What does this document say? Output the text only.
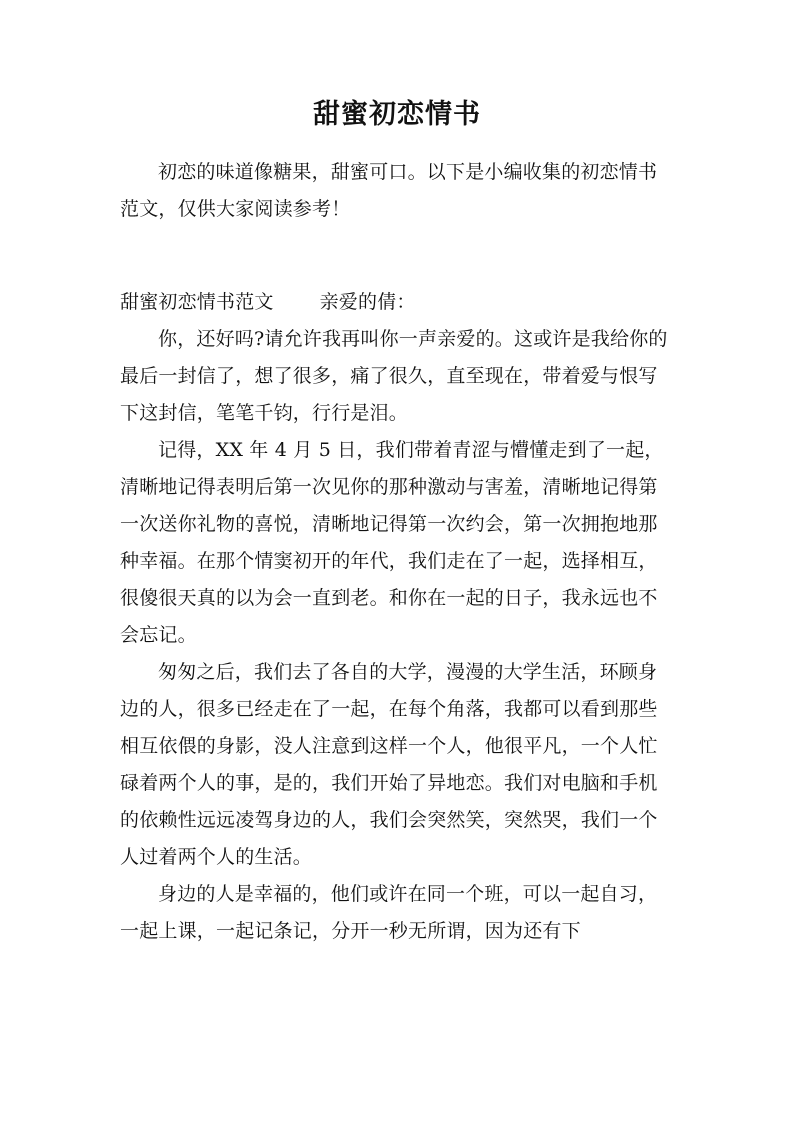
甜蜜初恋情书

初恋的味道像糖果，甜蜜可口。以下是小编收集的初恋情书范文，仅供大家阅读参考！

甜蜜初恋情书范文 亲爱的倩：

你，还好吗?请允许我再叫你一声亲爱的。这或许是我给你的最后一封信了，想了很多，痛了很久，直至现在，带着爱与恨写下这封信，笔笔千钧，行行是泪。

记得，XX 年 4 月 5 日，我们带着青涩与懵懂走到了一起，清晰地记得表明后第一次见你的那种激动与害羞，清晰地记得第一次送你礼物的喜悦，清晰地记得第一次约会，第一次拥抱地那种幸福。在那个情窦初开的年代，我们走在了一起，选择相互，很傻很天真的以为会一直到老。和你在一起的日子，我永远也不会忘记。

匆匆之后，我们去了各自的大学，漫漫的大学生活，环顾身边的人，很多已经走在了一起，在每个角落，我都可以看到那些相互依偎的身影，没人注意到这样一个人，他很平凡，一个人忙碌着两个人的事，是的，我们开始了异地恋。我们对电脑和手机的依赖性远远凌驾身边的人，我们会突然笑，突然哭，我们一个人过着两个人的生活。

身边的人是幸福的，他们或许在同一个班，可以一起自习，一起上课，一起记条记，分开一秒无所谓，因为还有下
